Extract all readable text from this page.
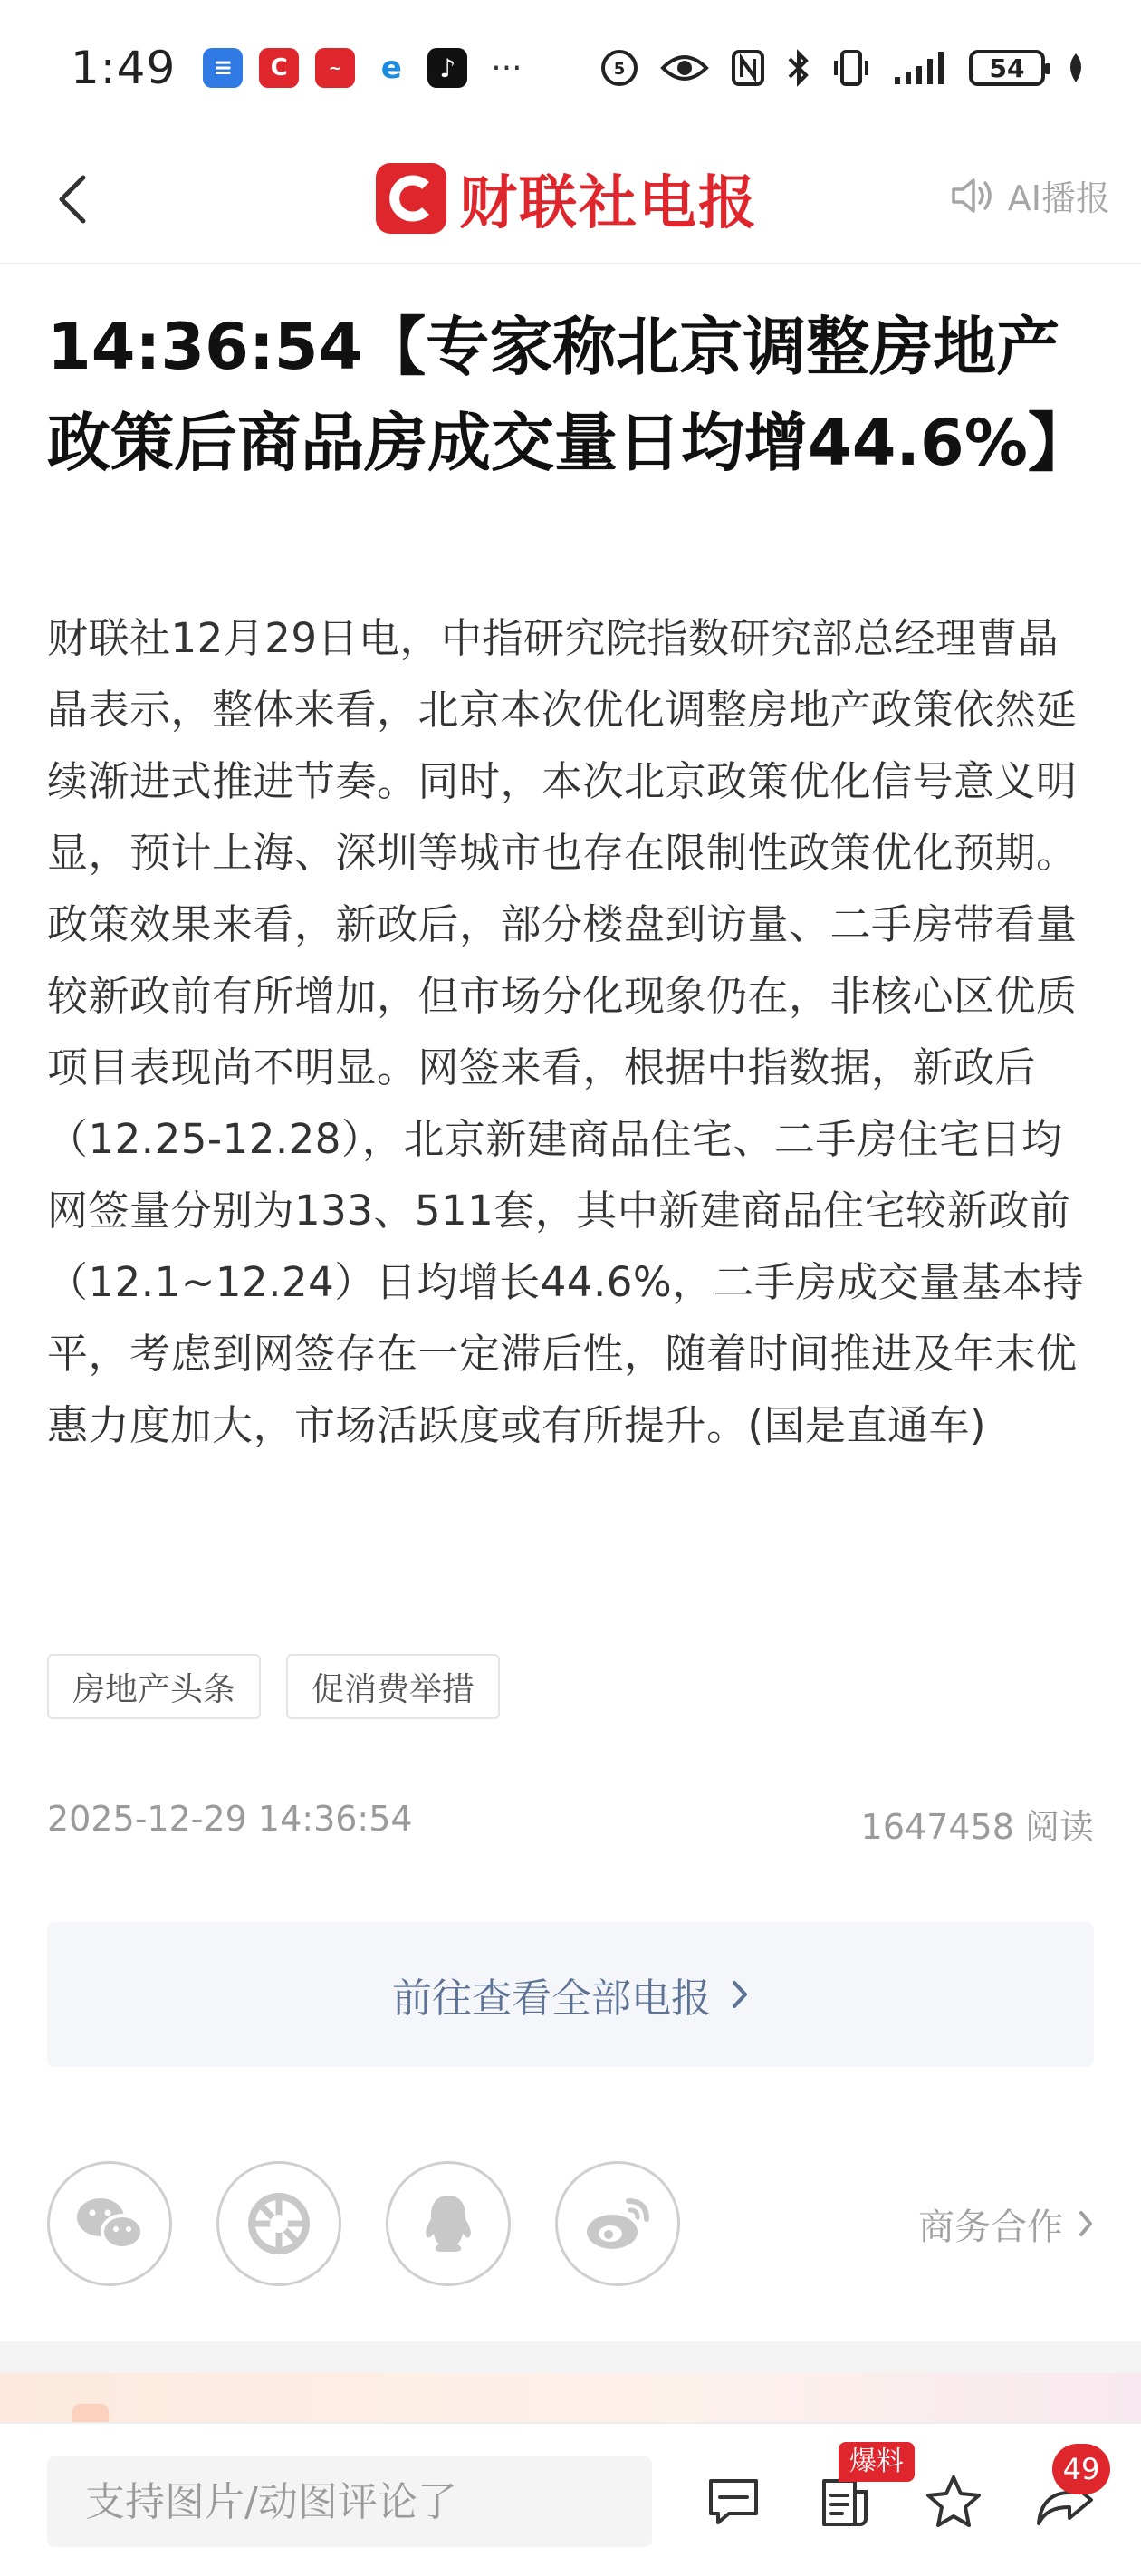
1:49	≡	C	~	e	♪	···	5	54
财联社电报	AI播报
14:36:54【专家称北京调整房地产政策后商品房成交量日均增44.6%】

财联社12月29日电，中指研究院指数研究部总经理曹晶晶表示，整体来看，北京本次优化调整房地产政策依然延续渐进式推进节奏。同时，本次北京政策优化信号意义明显，预计上海、深圳等城市也存在限制性政策优化预期。政策效果来看，新政后，部分楼盘到访量、二手房带看量较新政前有所增加，但市场分化现象仍在，非核心区优质项目表现尚不明显。网签来看，根据中指数据，新政后（12.25-12.28），北京新建商品住宅、二手房住宅日均网签量分别为133、511套，其中新建商品住宅较新政前（12.1~12.24）日均增长44.6%，二手房成交量基本持平，考虑到网签存在一定滞后性，随着时间推进及年末优惠力度加大，市场活跃度或有所提升。(国是直通车)

房地产头条	促消费举措
2025-12-29 14:36:54	1647458 阅读
前往查看全部电报
商务合作
支持图片/动图评论了
爆料	49
